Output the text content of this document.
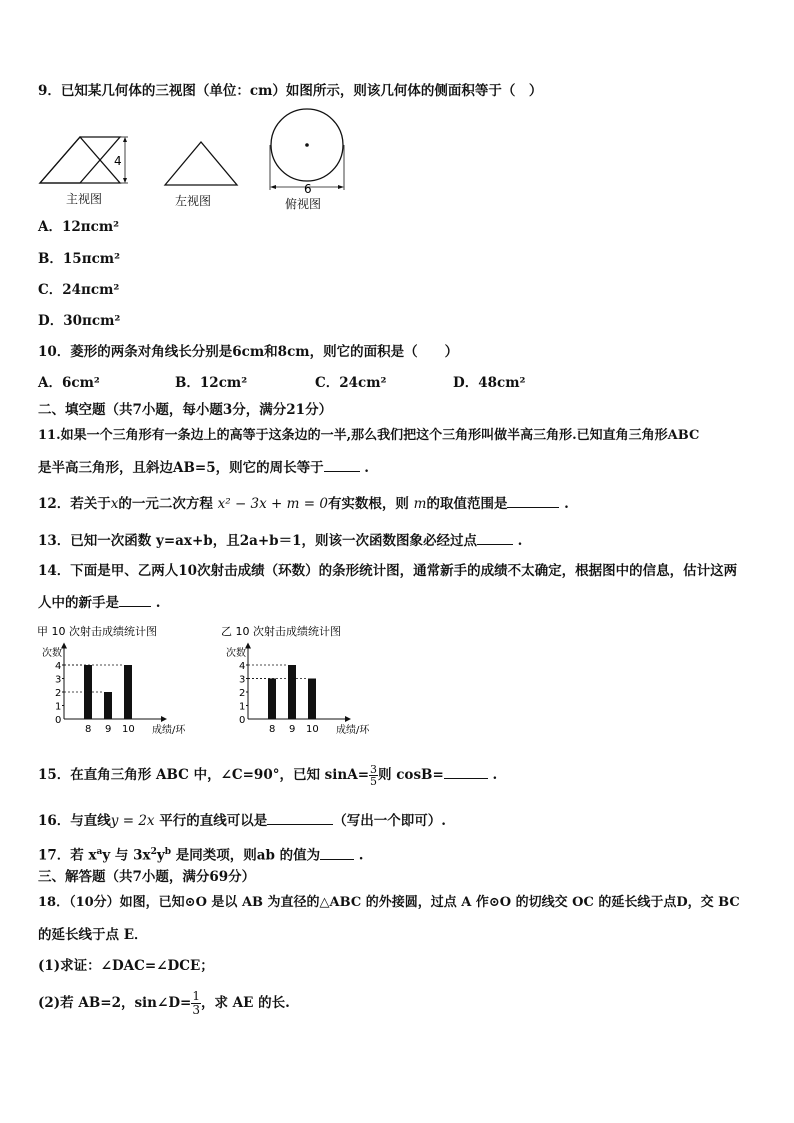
9．已知某几何体的三视图（单位：cm）如图所示，则该几何体的侧面积等于（　）
4
6
主视图	左视图	俯视图
A．12πcm²
B．15πcm²
C．24πcm²
D．30πcm²
10．菱形的两条对角线长分别是6cm和8cm，则它的面积是（　　）
A．6cm²	B．12cm²	C．24cm²	D．48cm²
二、填空题（共7小题，每小题3分，满分21分）
11.如果一个三角形有一条边上的高等于这条边的一半,那么我们把这个三角形叫做半高三角形.已知直角三角形ABC
是半高三角形，且斜边AB=5，则它的周长等于	.
12．若关于x的一元二次方程 x² − 3x + m = 0有实数根，则 m的取值范围是	.
13．已知一次函数 y=ax+b，且2a+b＝1，则该一次函数图象必经过点	.
14．下面是甲、乙两人10次射击成绩（环数）的条形统计图，通常新手的成绩不太确定，根据图中的信息，估计这两
人中的新手是 .
甲 10 次射击成绩统计图
次数
成绩/环
0
1
2
3
4
8 9 10
乙 10 次射击成绩统计图
次数
成绩/环
0
1
2
3
4
8 9 10
15．在直角三角形 ABC 中，∠C=90°，已知 $\sin A= \frac{3}{5}$ 则 cosB=	.
16．与直线y = 2x 平行的直线可以是	（写出一个即可）.
17．若 $x^ay$ 与 $3x^2y^b$ 是同类项，则ab 的值为	.
三、解答题（共7小题，满分69分）
18．（10分）如图，已知⊙O 是以 AB 为直径的△ABC 的外接圆，过点 A 作⊙O 的切线交 OC 的延长线于点D，交 BC
的延长线于点 E．
(1)求证：∠DAC=∠DCE；
(2)若 AB=2，sin∠D= $\frac{1}{3}$ ，求 AE 的长.
